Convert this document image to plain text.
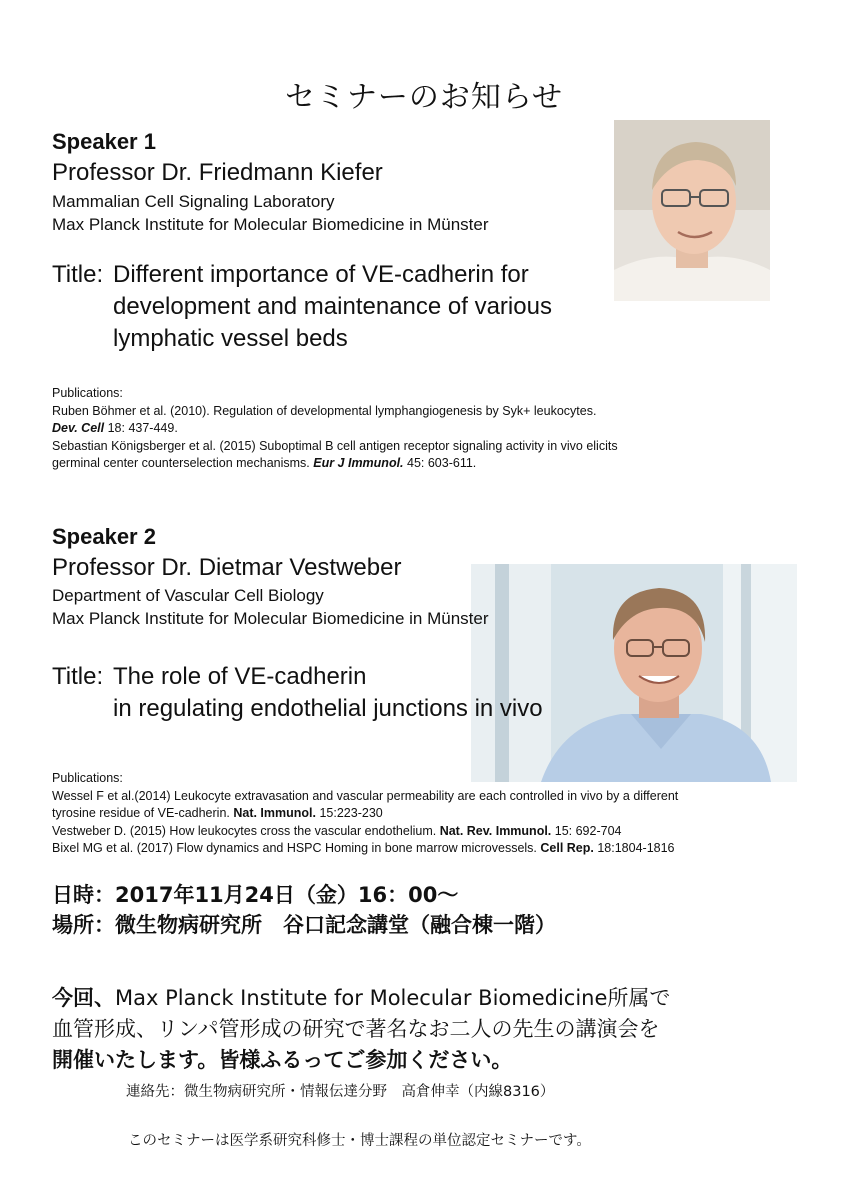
セミナーのお知らせ
Speaker 1
Professor Dr. Friedmann Kiefer
Mammalian Cell Signaling Laboratory
Max Planck Institute for Molecular Biomedicine in Münster
Title: Different importance of VE-cadherin for
development and maintenance of various
lymphatic vessel beds
Publications:
Ruben Böhmer et al. (2010). Regulation of developmental lymphangiogenesis by Syk+ leukocytes.
Dev. Cell 18: 437-449.
Sebastian Königsberger et al. (2015) Suboptimal B cell antigen receptor signaling activity in vivo elicits
germinal center counterselection mechanisms. Eur J Immunol. 45: 603-611.
Speaker 2
Professor Dr. Dietmar Vestweber
Department of Vascular Cell Biology
Max Planck Institute for Molecular Biomedicine in Münster
Title: The role of VE-cadherin
in regulating endothelial junctions in vivo
Publications:
Wessel F et al.(2014) Leukocyte extravasation and vascular permeability are each controlled in vivo by a different
tyrosine residue of VE-cadherin. Nat. Immunol. 15:223-230
Vestweber D. (2015) How leukocytes cross the vascular endothelium. Nat. Rev. Immunol. 15: 692-704
Bixel MG et al. (2017) Flow dynamics and HSPC Homing in bone marrow microvessels. Cell Rep. 18:1804-1816
日時：2017年11月24日（金）16：00～
場所：微生物病研究所　谷口記念講堂（融合棟一階）
今回、Max Planck Institute for Molecular Biomedicine所属で
血管形成、リンパ管形成の研究で著名なお二人の先生の講演会を
開催いたします。皆様ふるってご参加ください。
連絡先：微生物病研究所・情報伝達分野　高倉伸幸（内線8316）
このセミナーは医学系研究科修士・博士課程の単位認定セミナーです。
